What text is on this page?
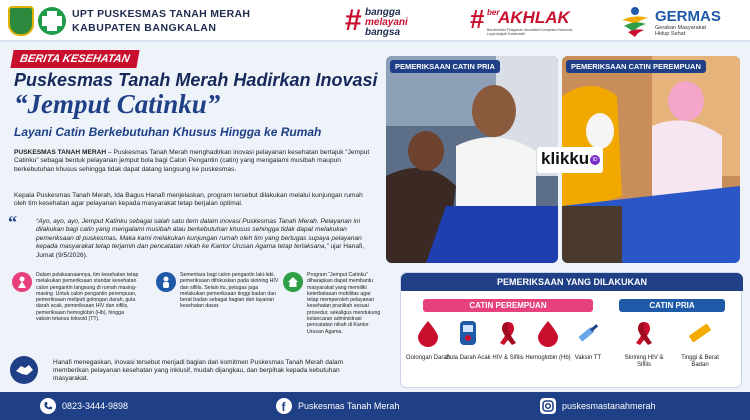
UPT PUSKESMAS TANAH MERAH
KABUPATEN BANGKALAN	# bangga
melayani
bangsa	# ber
AKHLAK
Berorientasi Pelayanan Akuntabel Kompeten Harmonis Loyal Adaptif Kolaboratif
GERMAS
Gerakan Masyarakat Hidup Sehat
BERITA KESEHATAN
Puskesmas Tanah Merah Hadirkan Inovasi
“Jemput Catinku”
Layani Catin Berkebutuhan Khusus Hingga ke Rumah
PUSKESMAS TANAH MERAH – Puskesmas Tanah Merah menghadirkan inovasi pelayanan kesehatan bertajuk “Jemput Catinku” sebagai bentuk pelayanan jemput bola bagi Calon Pengantin (catin) yang mengalami musibah maupun berkebutuhan khusus sehingga tidak dapat datang langsung ke puskesmas.
Kepala Puskesmas Tanah Merah, Ida Bagus Hanafi menjelaskan, program tersebut dilakukan melalui kunjungan rumah oleh tim kesehatan agar pelayanan kepada masyarakat tetap berjalan optimal.
“	“Ayo, ayo, ayo, Jemput Katinku sebagai salah satu item dalam inovasi Puskesmas Tanah Merah. Pelayanan ini dilakukan bagi catin yang mengalami musibah atau berkebutuhan khusus sehingga tidak dapat melakukan pemeriksaan di puskesmas. Maka kami melakukan kunjungan rumah oleh tim yang bertugas supaya pelayanan kepada masyarakat tetap terjamin dan pencatatan nikah ke Kantor Urusan Agama tetap terlaksana,” ujar Hanafi, Jumat (9/5/2026).
Dalam pelaksanaannya, tim kesehatan tetap melakukan pemeriksaan standar kesehatan calon pengantin langsung di rumah masing-masing. Untuk calon pengantin perempuan, pemeriksaan meliputi golongan darah, gula darah acak, pemeriksaan HIV dan sifilis, pemeriksaan hemoglobin (Hb), hingga vaksin tetanus toksoid (TT).
Sementara bagi calon pengantin laki-laki, pemeriksaan difokuskan pada skrining HIV dan sifilis. Selain itu, petugas juga melakukan pemeriksaan tinggi badan dan berat badan sebagai bagian dari layanan kesehatan dasar.
Program “Jemput Catinku” diharapkan dapat membantu masyarakat yang memiliki keterbatasan mobilitas agar tetap memperoleh pelayanan kesehatan pranikah sesuai prosedur, sekaligus mendukung kelancaran administrasi pencatatan nikah di Kantor Urusan Agama.
Hanafi menegaskan, inovasi tersebut menjadi bagian dari komitmen Puskesmas Tanah Merah dalam memberikan pelayanan kesehatan yang inklusif, mudah dijangkau, dan berpihak kepada kebutuhan masyarakat.
PEMERIKSAAN CATIN PRIA	PEMERIKSAAN CATIN PEREMPUAN
klikku ID
PEMERIKSAAN YANG DILAKUKAN
CATIN PEREMPUAN	CATIN PRIA
Golongan Darah
Gula Darah Acak HIV & Sifilis Hemoglobin (Hb) Vaksin TT	Skrining HIV & Sifilis
Tinggi & Berat Badan
0823-3444-9898	f Puskesmas Tanah Merah	puskesmastanahmerah
